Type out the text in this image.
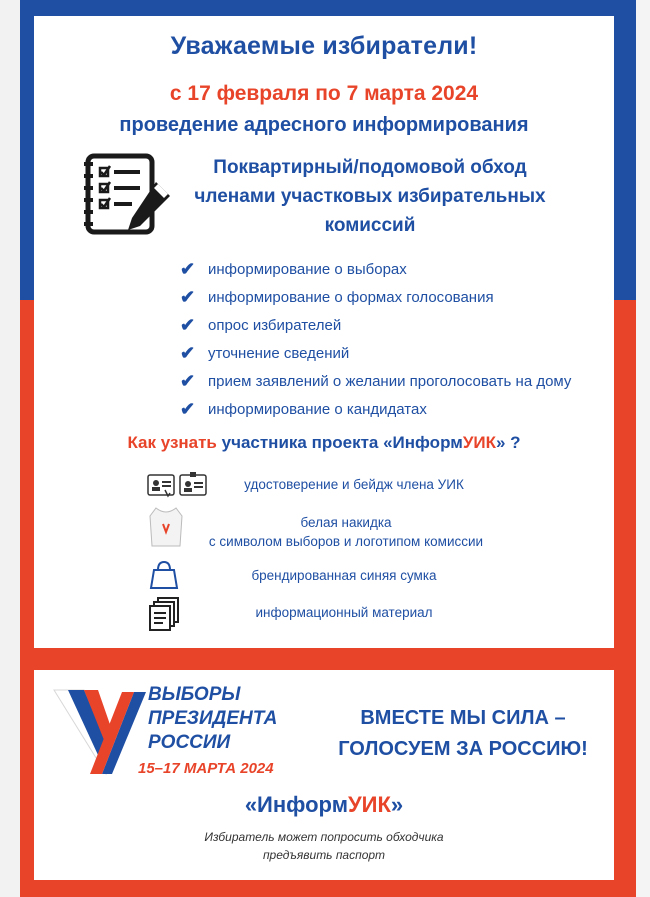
Уважаемые избиратели!
с 17 февраля по 7 марта 2024
проведение адресного информирования
Поквартирный/подомовой обход
членами участковых избирательных
комиссий
✔ информирование о выборах
✔ информирование о формах голосования
✔ опрос избирателей
✔ уточнение сведений
✔ прием заявлений о желании проголосовать на дому
✔ информирование о кандидатах
Как узнать участника проекта «ИнформУИК» ?
удостоверение и бейдж члена УИК
белая накидка
с символом выборов и логотипом комиссии
брендированная синяя сумка
информационный материал
ВЫБОРЫ
ПРЕЗИДЕНТА
РОССИИ
15–17 МАРТА 2024
ВМЕСТЕ МЫ СИЛА –
ГОЛОСУЕМ ЗА РОССИЮ!
«ИнформУИК»
Избиратель может попросить обходчика
предъявить паспорт
